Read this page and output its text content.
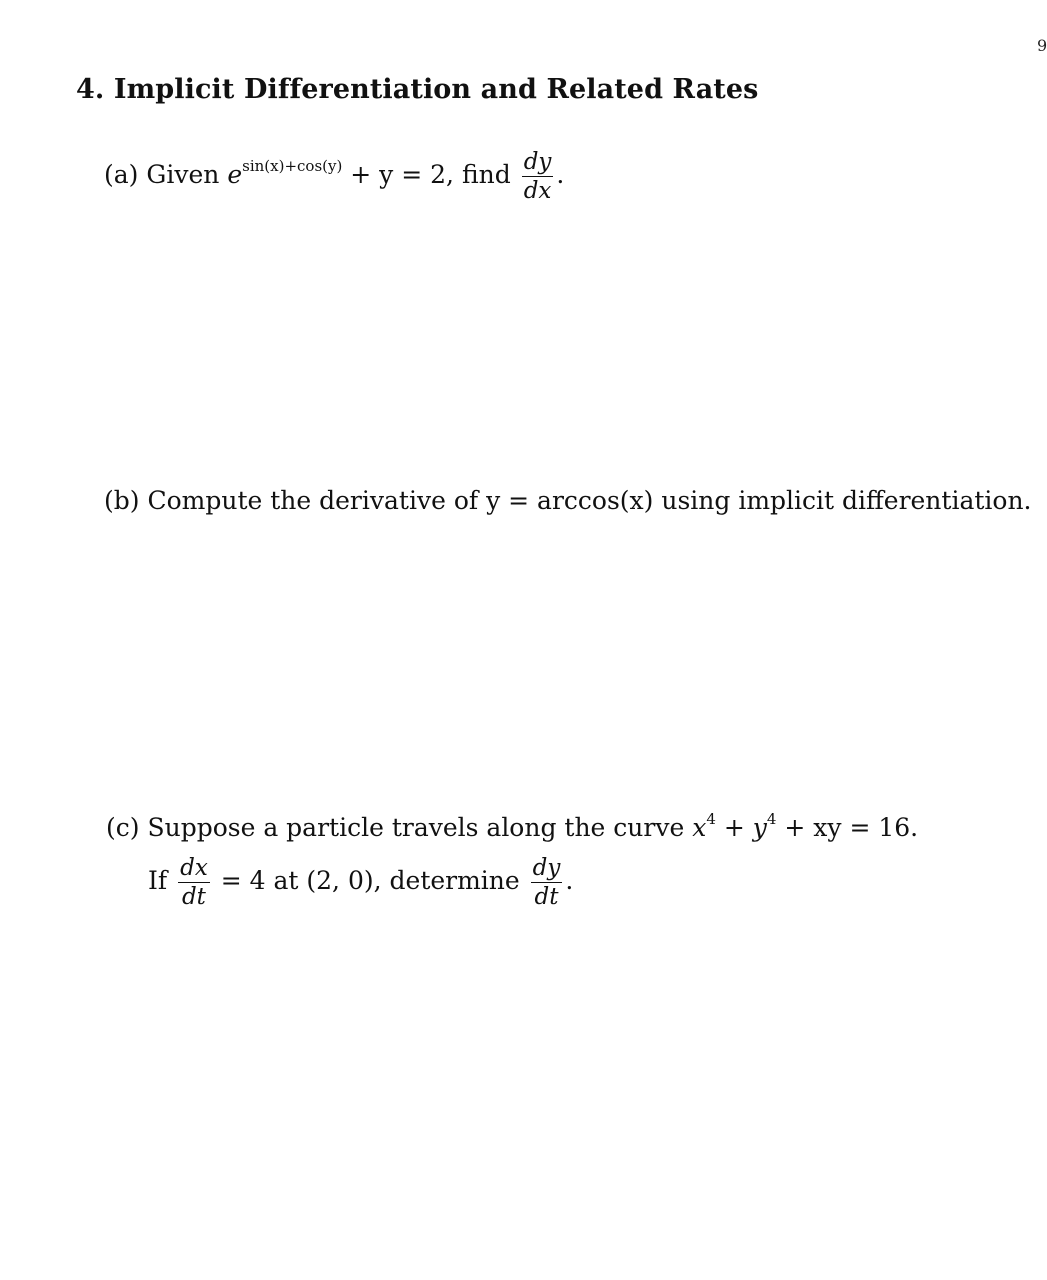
9
4. Implicit Differentiation and Related Rates
(a) Given $e^{sin(x)+cos(y)} + y = 2$, find $\frac{dy}{dx}$ .
(b) Compute the derivative of y = arccos(x) using implicit differentiation.
(c) Suppose a particle travels along the curve $x^4 + y^4$ + xy = 16.
If $\frac{dx}{dt} = 4$ at (2, 0), determine $\frac{dy}{dt}$ .
